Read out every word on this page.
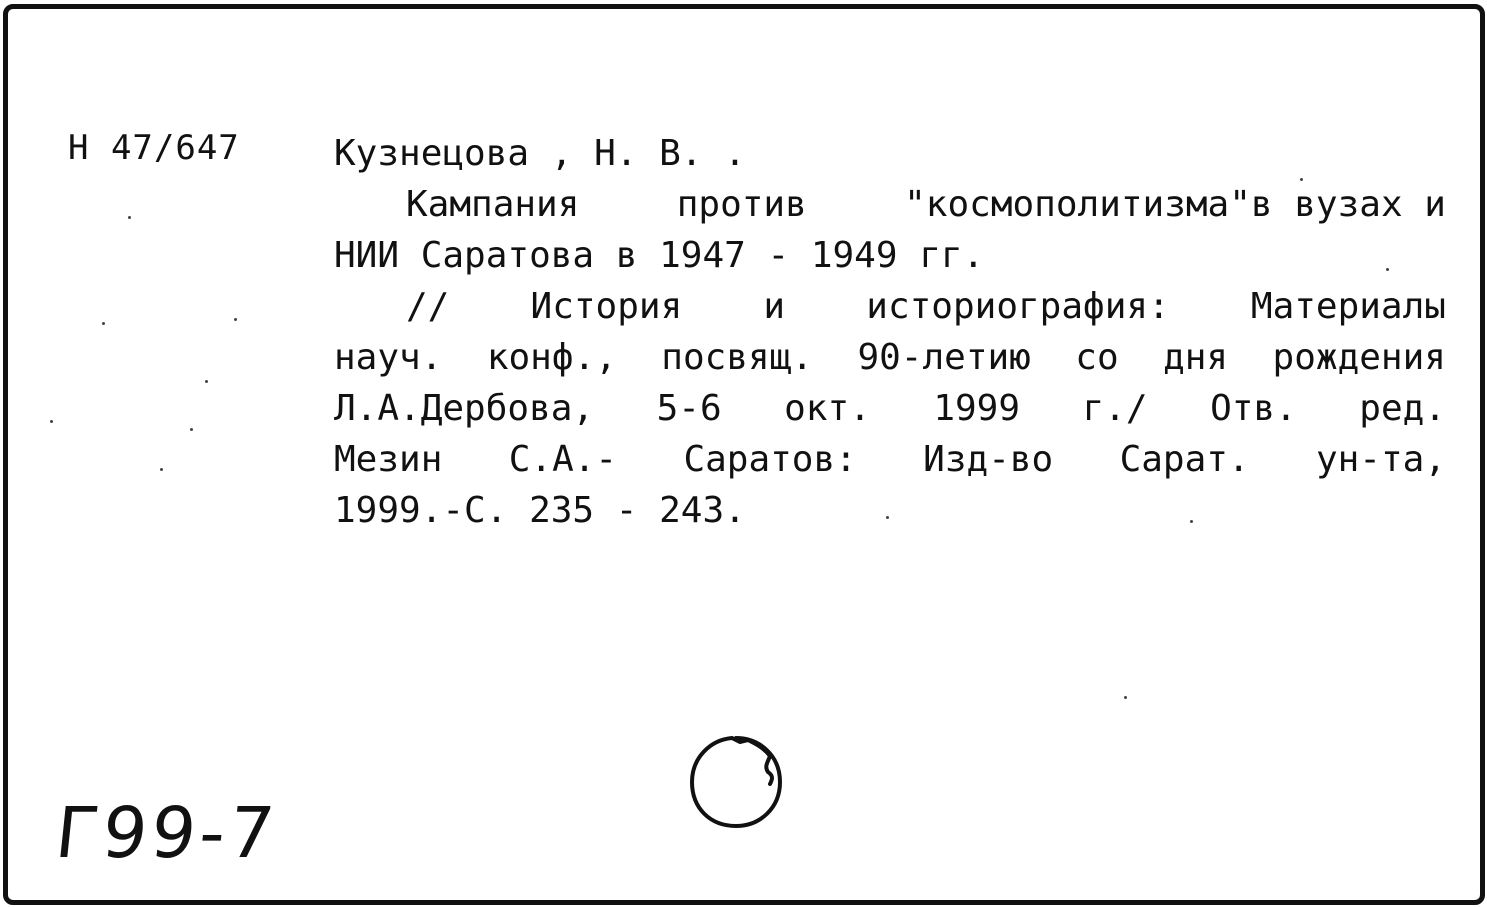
Н 47/647	Кузнецова , Н. В. .
Кампания	против	"космополитизма"в вузах и
НИИ Саратова в 1947 - 1949 гг.
// История и историография: Материалы
науч. конф., посвящ. 90-летию со дня рождения
Л.А.Дербова, 5-6 окт. 1999 г./ Отв. ред.
Мезин С.А.- Саратов: Изд-во Сарат. ун-та,
1999.-С. 235 - 243.
Г99-7
